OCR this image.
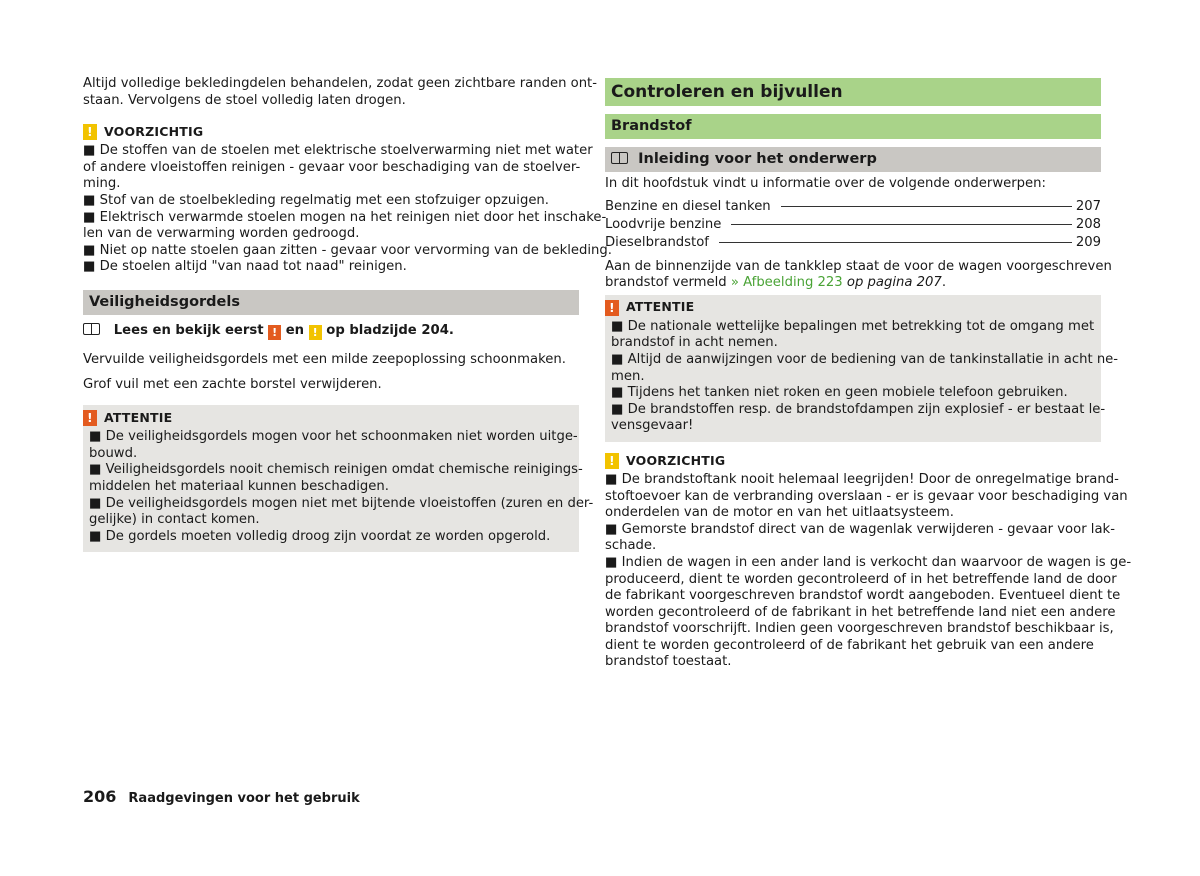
Altijd volledige bekledingdelen behandelen, zodat geen zichtbare randen ont-
staan. Vervolgens de stoel volledig laten drogen.
! VOORZICHTIG
■ De stoffen van de stoelen met elektrische stoelverwarming niet met water
of andere vloeistoffen reinigen - gevaar voor beschadiging van de stoelver-
ming.
■ Stof van de stoelbekleding regelmatig met een stofzuiger opzuigen.
■ Elektrisch verwarmde stoelen mogen na het reinigen niet door het inschake-
len van de verwarming worden gedroogd.
■ Niet op natte stoelen gaan zitten - gevaar voor vervorming van de bekleding.
■ De stoelen altijd "van naad tot naad" reinigen.
Veiligheidsgordels
Lees en bekijk eerst ! en ! op bladzijde 204.

Vervuilde veiligheidsgordels met een milde zeepoplossing schoonmaken.

Grof vuil met een zachte borstel verwijderen.

! ATTENTIE
■ De veiligheidsgordels mogen voor het schoonmaken niet worden uitge-
bouwd.
■ Veiligheidsgordels nooit chemisch reinigen omdat chemische reinigings-
middelen het materiaal kunnen beschadigen.
■ De veiligheidsgordels mogen niet met bijtende vloeistoffen (zuren en der-
gelijke) in contact komen.
■ De gordels moeten volledig droog zijn voordat ze worden opgerold.
Controleren en bijvullen
Brandstof
Inleiding voor het onderwerp

In dit hoofdstuk vindt u informatie over de volgende onderwerpen:

Benzine en diesel tanken	207
Loodvrije benzine	208
Dieselbrandstof	209
Aan de binnenzijde van de tankklep staat de voor de wagen voorgeschreven
brandstof vermeld » Afbeelding 223 op pagina 207.
! ATTENTIE
■ De nationale wettelijke bepalingen met betrekking tot de omgang met
brandstof in acht nemen.
■ Altijd de aanwijzingen voor de bediening van de tankinstallatie in acht ne-
men.
■ Tijdens het tanken niet roken en geen mobiele telefoon gebruiken.
■ De brandstoffen resp. de brandstofdampen zijn explosief - er bestaat le-
vensgevaar!
! VOORZICHTIG
■ De brandstoftank nooit helemaal leegrijden! Door de onregelmatige brand-
stoftoevoer kan de verbranding overslaan - er is gevaar voor beschadiging van
onderdelen van de motor en van het uitlaatsysteem.
■ Gemorste brandstof direct van de wagenlak verwijderen - gevaar voor lak-
schade.
■ Indien de wagen in een ander land is verkocht dan waarvoor de wagen is ge-
produceerd, dient te worden gecontroleerd of in het betreffende land de door
de fabrikant voorgeschreven brandstof wordt aangeboden. Eventueel dient te
worden gecontroleerd of de fabrikant in het betreffende land niet een andere
brandstof voorschrijft. Indien geen voorgeschreven brandstof beschikbaar is,
dient te worden gecontroleerd of de fabrikant het gebruik van een andere
brandstof toestaat.
206 Raadgevingen voor het gebruik
